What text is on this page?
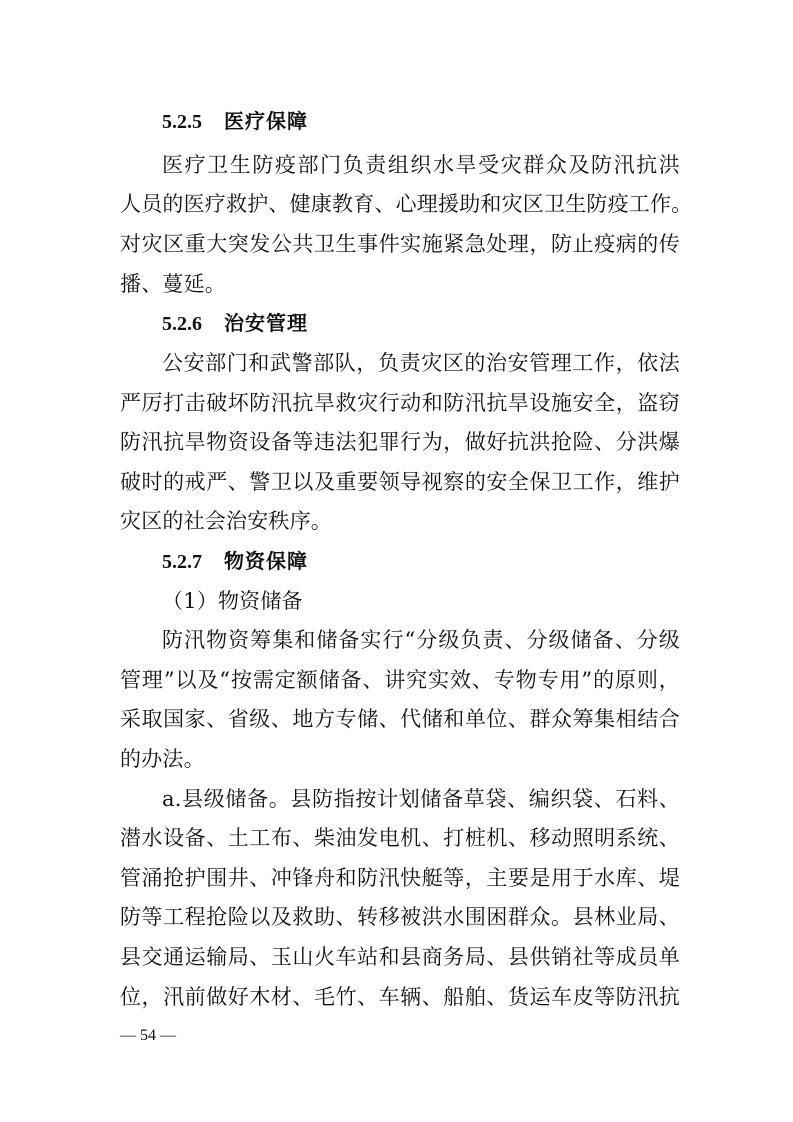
5.2.5 医疗保障
医疗卫生防疫部门负责组织水旱受灾群众及防汛抗洪
人员的医疗救护、健康教育、心理援助和灾区卫生防疫工作。
对灾区重大突发公共卫生事件实施紧急处理，防止疫病的传
播、蔓延。
5.2.6 治安管理
公安部门和武警部队，负责灾区的治安管理工作，依法
严厉打击破坏防汛抗旱救灾行动和防汛抗旱设施安全，盗窃
防汛抗旱物资设备等违法犯罪行为，做好抗洪抢险、分洪爆
破时的戒严、警卫以及重要领导视察的安全保卫工作，维护
灾区的社会治安秩序。
5.2.7 物资保障
（1）物资储备
防汛物资筹集和储备实行“分级负责、分级储备、分级
管理”以及“按需定额储备、讲究实效、专物专用”的原则，
采取国家、省级、地方专储、代储和单位、群众筹集相结合
的办法。
a.县级储备。县防指按计划储备草袋、编织袋、石料、
潜水设备、土工布、柴油发电机、打桩机、移动照明系统、
管涌抢护围井、冲锋舟和防汛快艇等，主要是用于水库、堤
防等工程抢险以及救助、转移被洪水围困群众。县林业局、
县交通运输局、玉山火车站和县商务局、县供销社等成员单
位，汛前做好木材、毛竹、车辆、船舶、货运车皮等防汛抗
— 54 —
